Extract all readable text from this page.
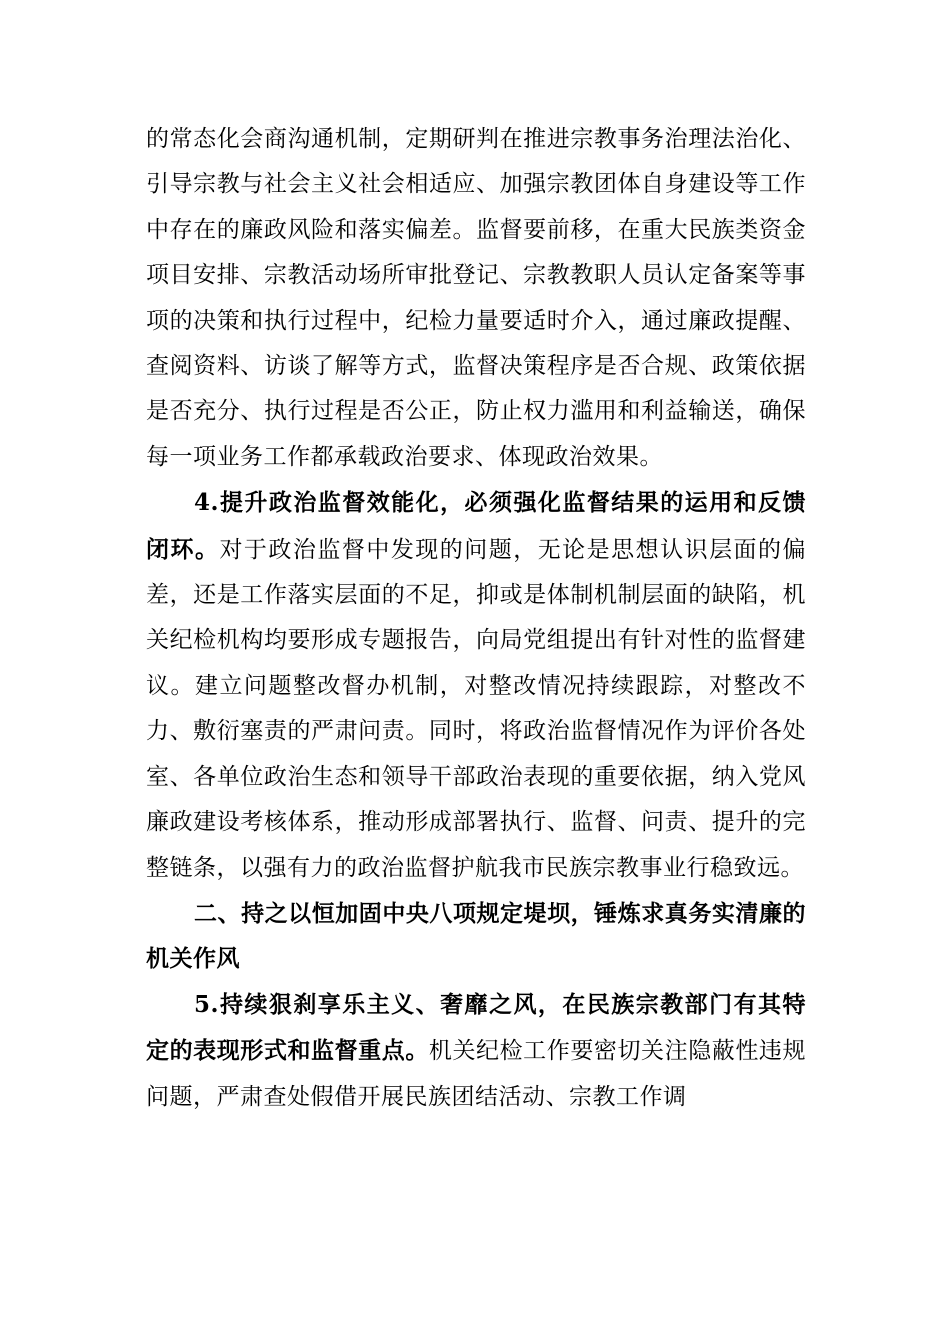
的常态化会商沟通机制，定期研判在推进宗教事务治理法治化、引导宗教与社会主义社会相适应、加强宗教团体自身建设等工作中存在的廉政风险和落实偏差。监督要前移，在重大民族类资金项目安排、宗教活动场所审批登记、宗教教职人员认定备案等事项的决策和执行过程中，纪检力量要适时介入，通过廉政提醒、查阅资料、访谈了解等方式，监督决策程序是否合规、政策依据是否充分、执行过程是否公正，防止权力滥用和利益输送，确保每一项业务工作都承载政治要求、体现政治效果。

4.提升政治监督效能化，必须强化监督结果的运用和反馈闭环。对于政治监督中发现的问题，无论是思想认识层面的偏差，还是工作落实层面的不足，抑或是体制机制层面的缺陷，机关纪检机构均要形成专题报告，向局党组提出有针对性的监督建议。建立问题整改督办机制，对整改情况持续跟踪，对整改不力、敷衍塞责的严肃问责。同时，将政治监督情况作为评价各处室、各单位政治生态和领导干部政治表现的重要依据，纳入党风廉政建设考核体系，推动形成部署执行、监督、问责、提升的完整链条，以强有力的政治监督护航我市民族宗教事业行稳致远。

二、持之以恒加固中央八项规定堤坝，锤炼求真务实清廉的机关作风

5.持续狠刹享乐主义、奢靡之风，在民族宗教部门有其特定的表现形式和监督重点。机关纪检工作要密切关注隐蔽性违规问题，严肃查处假借开展民族团结活动、宗教工作调
